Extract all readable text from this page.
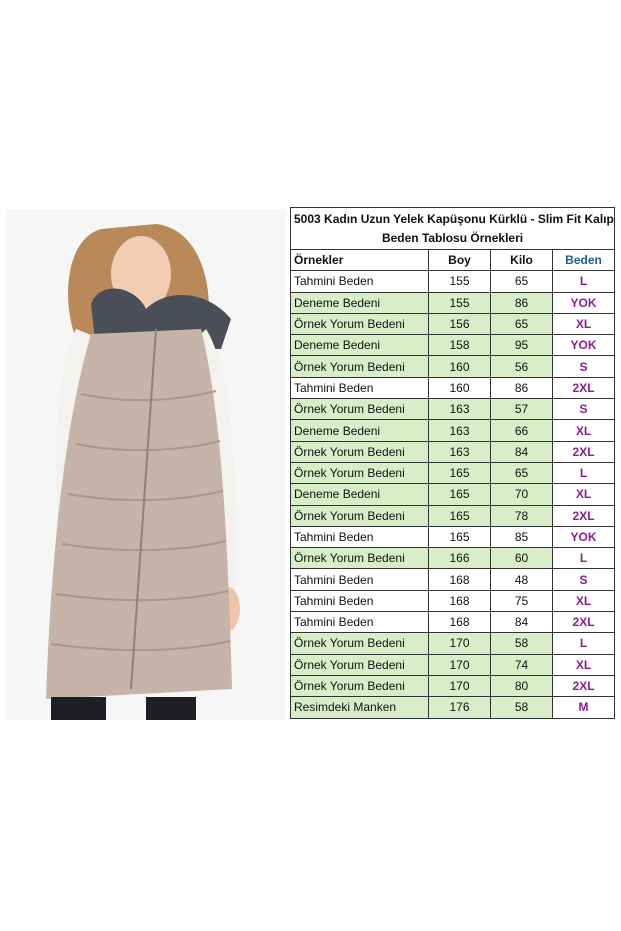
5003 Kadın Uzun Yelek Kapüşonu Kürklü - Slim Fit Kalıp
Beden Tablosu Örnekleri			
Örnekler	Boy	Kilo	Beden
Tahmini Beden	155	65	L
Deneme Bedeni	155	86	YOK
Örnek Yorum Bedeni	156	65	XL
Deneme Bedeni	158	95	YOK
Örnek Yorum Bedeni	160	56	S
Tahmini Beden	160	86	2XL
Örnek Yorum Bedeni	163	57	S
Deneme Bedeni	163	66	XL
Örnek Yorum Bedeni	163	84	2XL
Örnek Yorum Bedeni	165	65	L
Deneme Bedeni	165	70	XL
Örnek Yorum Bedeni	165	78	2XL
Tahmini Beden	165	85	YOK
Örnek Yorum Bedeni	166	60	L
Tahmini Beden	168	48	S
Tahmini Beden	168	75	XL
Tahmini Beden	168	84	2XL
Örnek Yorum Bedeni	170	58	L
Örnek Yorum Bedeni	170	74	XL
Örnek Yorum Bedeni	170	80	2XL
Resimdeki Manken	176	58	M
